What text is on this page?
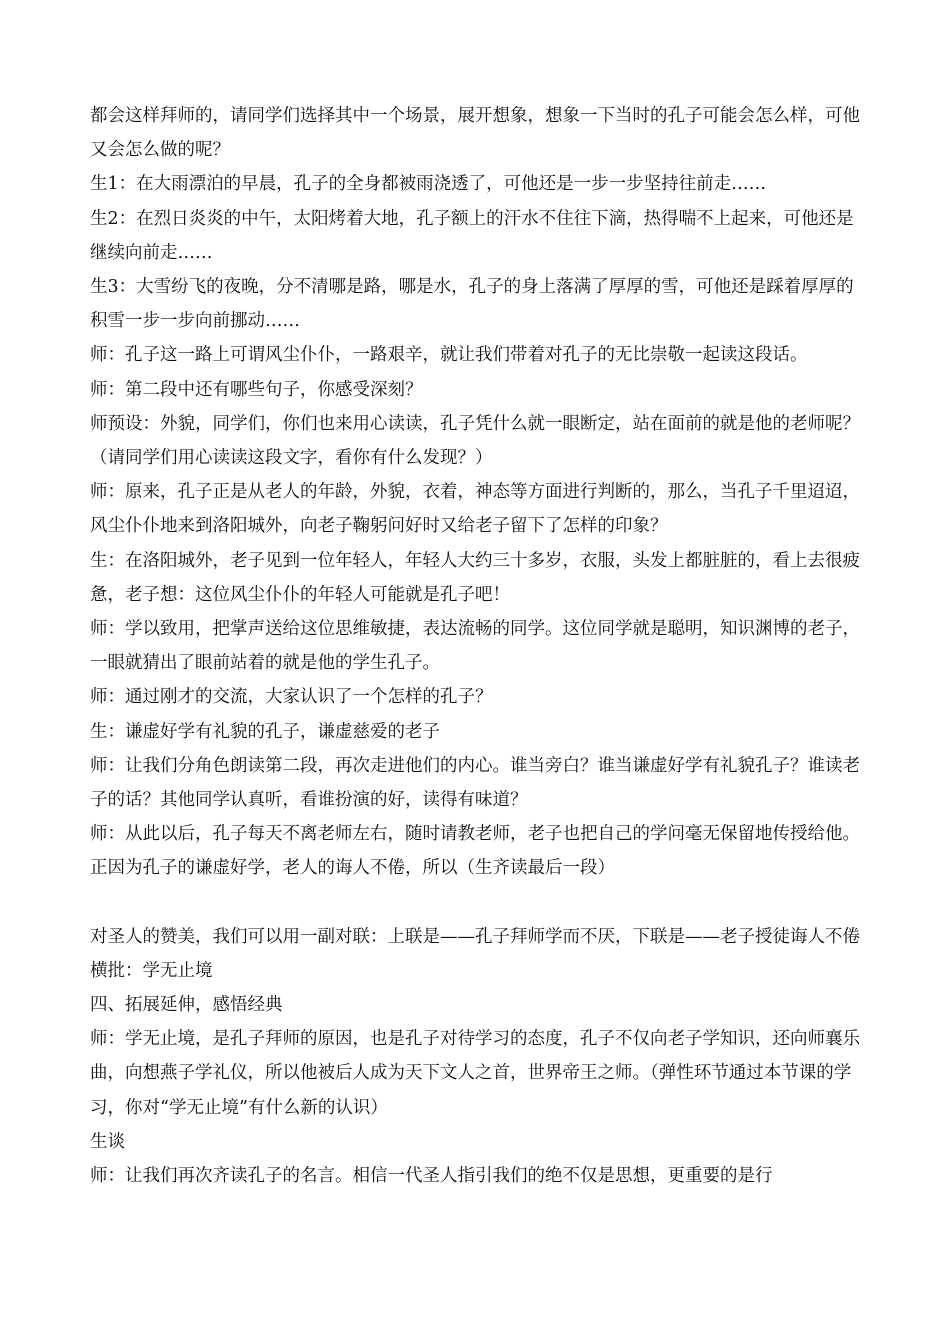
都会这样拜师的，请同学们选择其中一个场景，展开想象，想象一下当时的孔子可能会怎么样，可他又会怎么做的呢？

生1：在大雨漂泊的早晨，孔子的全身都被雨浇透了，可他还是一步一步坚持往前走……

生2：在烈日炎炎的中午，太阳烤着大地，孔子额上的汗水不住往下滴，热得喘不上起来，可他还是继续向前走……

生3：大雪纷飞的夜晚，分不清哪是路，哪是水，孔子的身上落满了厚厚的雪，可他还是踩着厚厚的积雪一步一步向前挪动……

师：孔子这一路上可谓风尘仆仆，一路艰辛，就让我们带着对孔子的无比崇敬一起读这段话。

师：第二段中还有哪些句子，你感受深刻？

师预设：外貌，同学们，你们也来用心读读，孔子凭什么就一眼断定，站在面前的就是他的老师呢？（请同学们用心读读这段文字，看你有什么发现？）

师：原来，孔子正是从老人的年龄，外貌，衣着，神态等方面进行判断的，那么，当孔子千里迢迢，风尘仆仆地来到洛阳城外，向老子鞠躬问好时又给老子留下了怎样的印象？

生：在洛阳城外，老子见到一位年轻人，年轻人大约三十多岁，衣服，头发上都脏脏的，看上去很疲惫，老子想：这位风尘仆仆的年轻人可能就是孔子吧！

师：学以致用，把掌声送给这位思维敏捷，表达流畅的同学。这位同学就是聪明，知识渊博的老子，一眼就猜出了眼前站着的就是他的学生孔子。

师：通过刚才的交流，大家认识了一个怎样的孔子？

生：谦虚好学有礼貌的孔子，谦虚慈爱的老子

师：让我们分角色朗读第二段，再次走进他们的内心。谁当旁白？谁当谦虚好学有礼貌孔子？谁读老子的话？其他同学认真听，看谁扮演的好，读得有味道？

师：从此以后，孔子每天不离老师左右，随时请教老师，老子也把自己的学问毫无保留地传授给他。正因为孔子的谦虚好学，老人的诲人不倦，所以（生齐读最后一段）

对圣人的赞美，我们可以用一副对联：上联是——孔子拜师学而不厌，下联是——老子授徒诲人不倦　　横批：学无止境

四、拓展延伸，感悟经典

师：学无止境，是孔子拜师的原因，也是孔子对待学习的态度，孔子不仅向老子学知识，还向师襄乐曲，向想燕子学礼仪，所以他被后人成为天下文人之首，世界帝王之师。（弹性环节通过本节课的学习，你对“学无止境”有什么新的认识）

生谈

师：让我们再次齐读孔子的名言。相信一代圣人指引我们的绝不仅是思想，更重要的是行
